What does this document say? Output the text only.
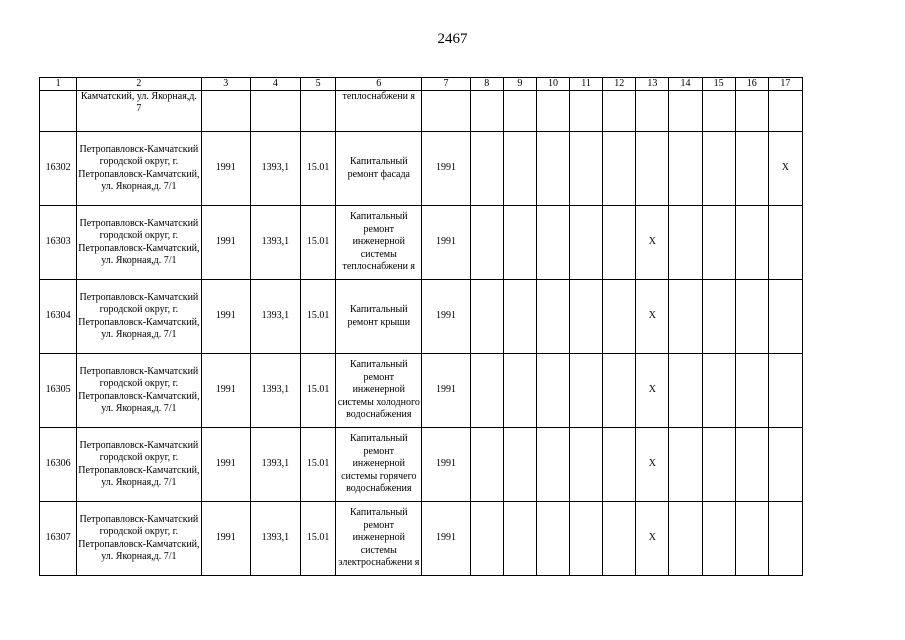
2467
1	2	3	4	5	6	7	8	9	10	11	12	13	14	15	16	17
	Камчатский, ул. Якорная,д. 7				теплоснабжени я											
16302	Петропавловск-Камчатский городской округ, г. Петропавловск-Камчатский, ул. Якорная,д. 7/1	1991	1393,1	15.01	Капитальный ремонт фасада	1991										X
16303	Петропавловск-Камчатский городской округ, г. Петропавловск-Камчатский, ул. Якорная,д. 7/1	1991	1393,1	15.01	Капитальный ремонт инженерной системы теплоснабжени я	1991						X				
16304	Петропавловск-Камчатский городской округ, г. Петропавловск-Камчатский, ул. Якорная,д. 7/1	1991	1393,1	15.01	Капитальный ремонт крыши	1991						X				
16305	Петропавловск-Камчатский городской округ, г. Петропавловск-Камчатский, ул. Якорная,д. 7/1	1991	1393,1	15.01	Капитальный ремонт инженерной системы холодного водоснабжения	1991						X				
16306	Петропавловск-Камчатский городской округ, г. Петропавловск-Камчатский, ул. Якорная,д. 7/1	1991	1393,1	15.01	Капитальный ремонт инженерной системы горячего водоснабжения	1991						X				
16307	Петропавловск-Камчатский городской округ, г. Петропавловск-Камчатский, ул. Якорная,д. 7/1	1991	1393,1	15.01	Капитальный ремонт инженерной системы электроснабжени я	1991						X				
